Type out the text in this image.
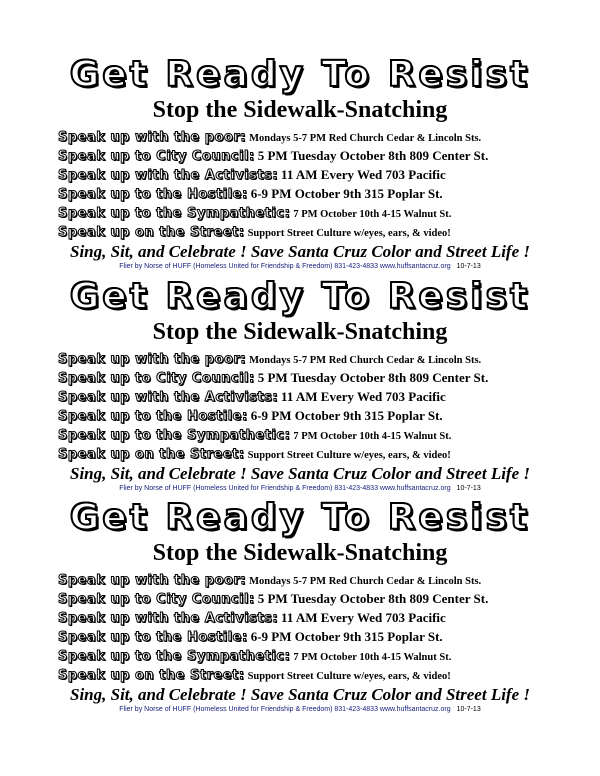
Get Ready To Resist
Stop the Sidewalk-Snatching
Speak up with the poor: Mondays 5-7 PM Red Church Cedar & Lincoln Sts.
Speak up to City Council: 5 PM Tuesday October 8th 809 Center St.
Speak up with the Activists: 11 AM Every Wed 703 Pacific
Speak up to the Hostile: 6-9 PM October 9th 315 Poplar St.
Speak up to the Sympathetic: 7 PM October 10th 4-15 Walnut St.
Speak up on the Street: Support Street Culture w/eyes, ears, & video!
Sing, Sit, and Celebrate ! Save Santa Cruz Color and Street Life !
Flier by Norse of HUFF (Homeless United for Friendship & Freedom) 831-423-4833 www.huffsantacruz.org 10-7-13
Get Ready To Resist
Stop the Sidewalk-Snatching
Speak up with the poor: Mondays 5-7 PM Red Church Cedar & Lincoln Sts.
Speak up to City Council: 5 PM Tuesday October 8th 809 Center St.
Speak up with the Activists: 11 AM Every Wed 703 Pacific
Speak up to the Hostile: 6-9 PM October 9th 315 Poplar St.
Speak up to the Sympathetic: 7 PM October 10th 4-15 Walnut St.
Speak up on the Street: Support Street Culture w/eyes, ears, & video!
Sing, Sit, and Celebrate ! Save Santa Cruz Color and Street Life !
Flier by Norse of HUFF (Homeless United for Friendship & Freedom) 831-423-4833 www.huffsantacruz.org 10-7-13
Get Ready To Resist
Stop the Sidewalk-Snatching
Speak up with the poor: Mondays 5-7 PM Red Church Cedar & Lincoln Sts.
Speak up to City Council: 5 PM Tuesday October 8th 809 Center St.
Speak up with the Activists: 11 AM Every Wed 703 Pacific
Speak up to the Hostile: 6-9 PM October 9th 315 Poplar St.
Speak up to the Sympathetic: 7 PM October 10th 4-15 Walnut St.
Speak up on the Street: Support Street Culture w/eyes, ears, & video!
Sing, Sit, and Celebrate ! Save Santa Cruz Color and Street Life !
Flier by Norse of HUFF (Homeless United for Friendship & Freedom) 831-423-4833 www.huffsantacruz.org 10-7-13
